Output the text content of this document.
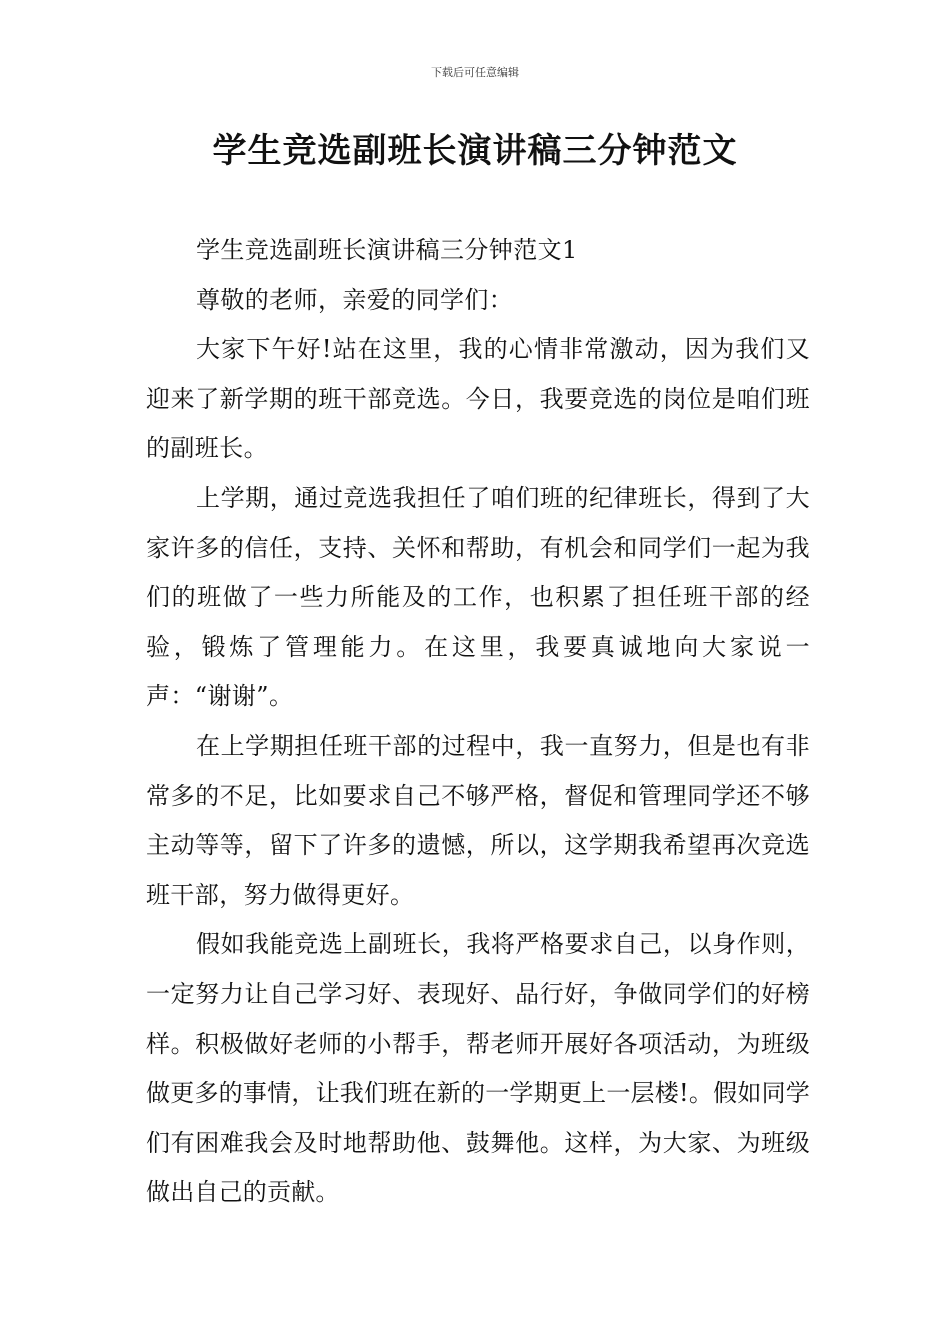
下载后可任意编辑
学生竞选副班长演讲稿三分钟范文

学生竞选副班长演讲稿三分钟范文1

尊敬的老师，亲爱的同学们：

大家下午好!站在这里，我的心情非常激动，因为我们又迎来了新学期的班干部竞选。今日，我要竞选的岗位是咱们班的副班长。

上学期，通过竞选我担任了咱们班的纪律班长，得到了大家许多的信任，支持、关怀和帮助，有机会和同学们一起为我们的班做了一些力所能及的工作，也积累了担任班干部的经验，锻炼了管理能力。在这里，我要真诚地向大家说一声：“谢谢”。

在上学期担任班干部的过程中，我一直努力，但是也有非常多的不足，比如要求自己不够严格，督促和管理同学还不够主动等等，留下了许多的遗憾，所以，这学期我希望再次竞选班干部，努力做得更好。

假如我能竞选上副班长，我将严格要求自己，以身作则，一定努力让自己学习好、表现好、品行好，争做同学们的好榜样。积极做好老师的小帮手，帮老师开展好各项活动，为班级做更多的事情，让我们班在新的一学期更上一层楼!。假如同学们有困难我会及时地帮助他、鼓舞他。这样，为大家、为班级做出自己的贡献。
